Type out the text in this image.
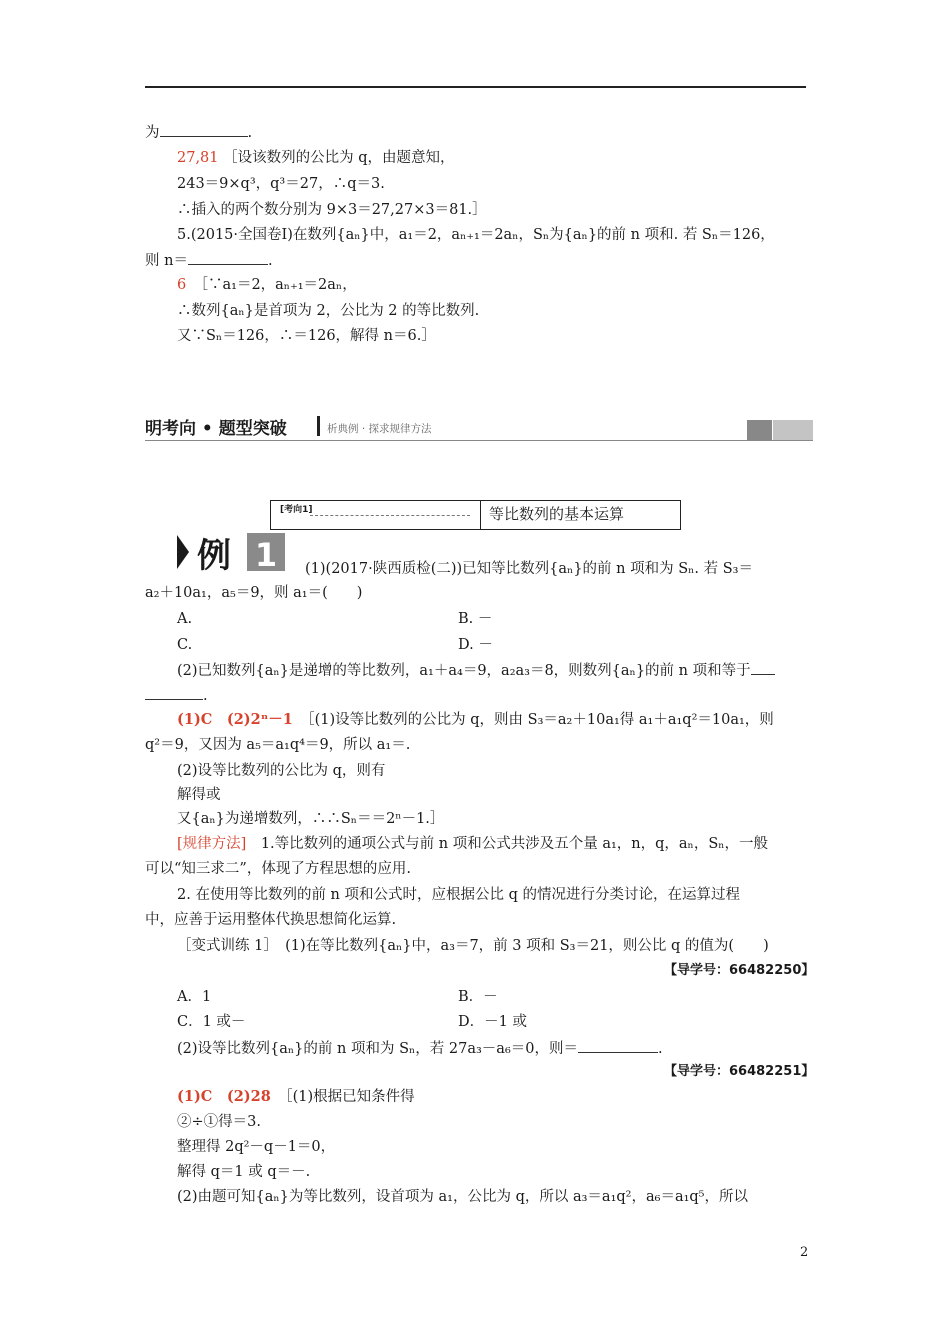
为	.
27,81 ［设该数列的公比为 q，由题意知，
243＝9×q³，q³＝27，∴q＝3.
∴插入的两个数分别为 9×3＝27,27×3＝81.］
5.(2015·全国卷Ⅰ)在数列{aₙ}中，a₁＝2，aₙ₊₁＝2aₙ，Sₙ为{aₙ}的前 n 项和. 若 Sₙ＝126，
则 n＝	.
6　 ［∵a₁＝2，aₙ₊₁＝2aₙ，
∴数列{aₙ}是首项为 2，公比为 2 的等比数列.
又∵Sₙ＝126，∴＝126，解得 n＝6.］
明考向 • 题型突破	析典例 · 探求规律方法
[考向1]	等比数列的基本运算
例 1 (1)(2017·陕西质检(二))已知等比数列{aₙ}的前 n 项和为 Sₙ. 若 S₃＝
a₂＋10a₁，a₅＝9，则 a₁＝(　　)
A.	B. －
C.	D. －
(2)已知数列{aₙ}是递增的等比数列，a₁＋a₄＝9，a₂a₃＝8，则数列{aₙ}的前 n 项和等于
.
(1)C　 (2)2ⁿ－1　 ［(1)设等比数列的公比为 q，则由 S₃＝a₂＋10a₁得 a₁＋a₁q²＝10a₁，则
q²＝9，又因为 a₅＝a₁q⁴＝9，所以 a₁＝.
(2)设等比数列的公比为 q，则有
解得或
又{aₙ}为递增数列，∴∴Sₙ＝＝2ⁿ－1.］
[规律方法]　 1.等比数列的通项公式与前 n 项和公式共涉及五个量 a₁，n，q，aₙ，Sₙ，一般
可以“知三求二”，体现了方程思想的应用.
2. 在使用等比数列的前 n 项和公式时，应根据公比 q 的情况进行分类讨论，在运算过程
中，应善于运用整体代换思想简化运算.
［变式训练 1］　(1)在等比数列{aₙ}中，a₃＝7，前 3 项和 S₃＝21，则公比 q 的值为(　　)
【导学号：66482250】
A．1	B．－
C．1 或－	D．－1 或
(2)设等比数列{aₙ}的前 n 项和为 Sₙ，若 27a₃－a₆＝0，则＝	.
【导学号：66482251】
(1)C　 (2)28　 ［(1)根据已知条件得
②÷①得＝3.
整理得 2q²－q－1＝0，
解得 q＝1 或 q＝－.
(2)由题可知{aₙ}为等比数列，设首项为 a₁，公比为 q，所以 a₃＝a₁q²，a₆＝a₁q⁵，所以
2
